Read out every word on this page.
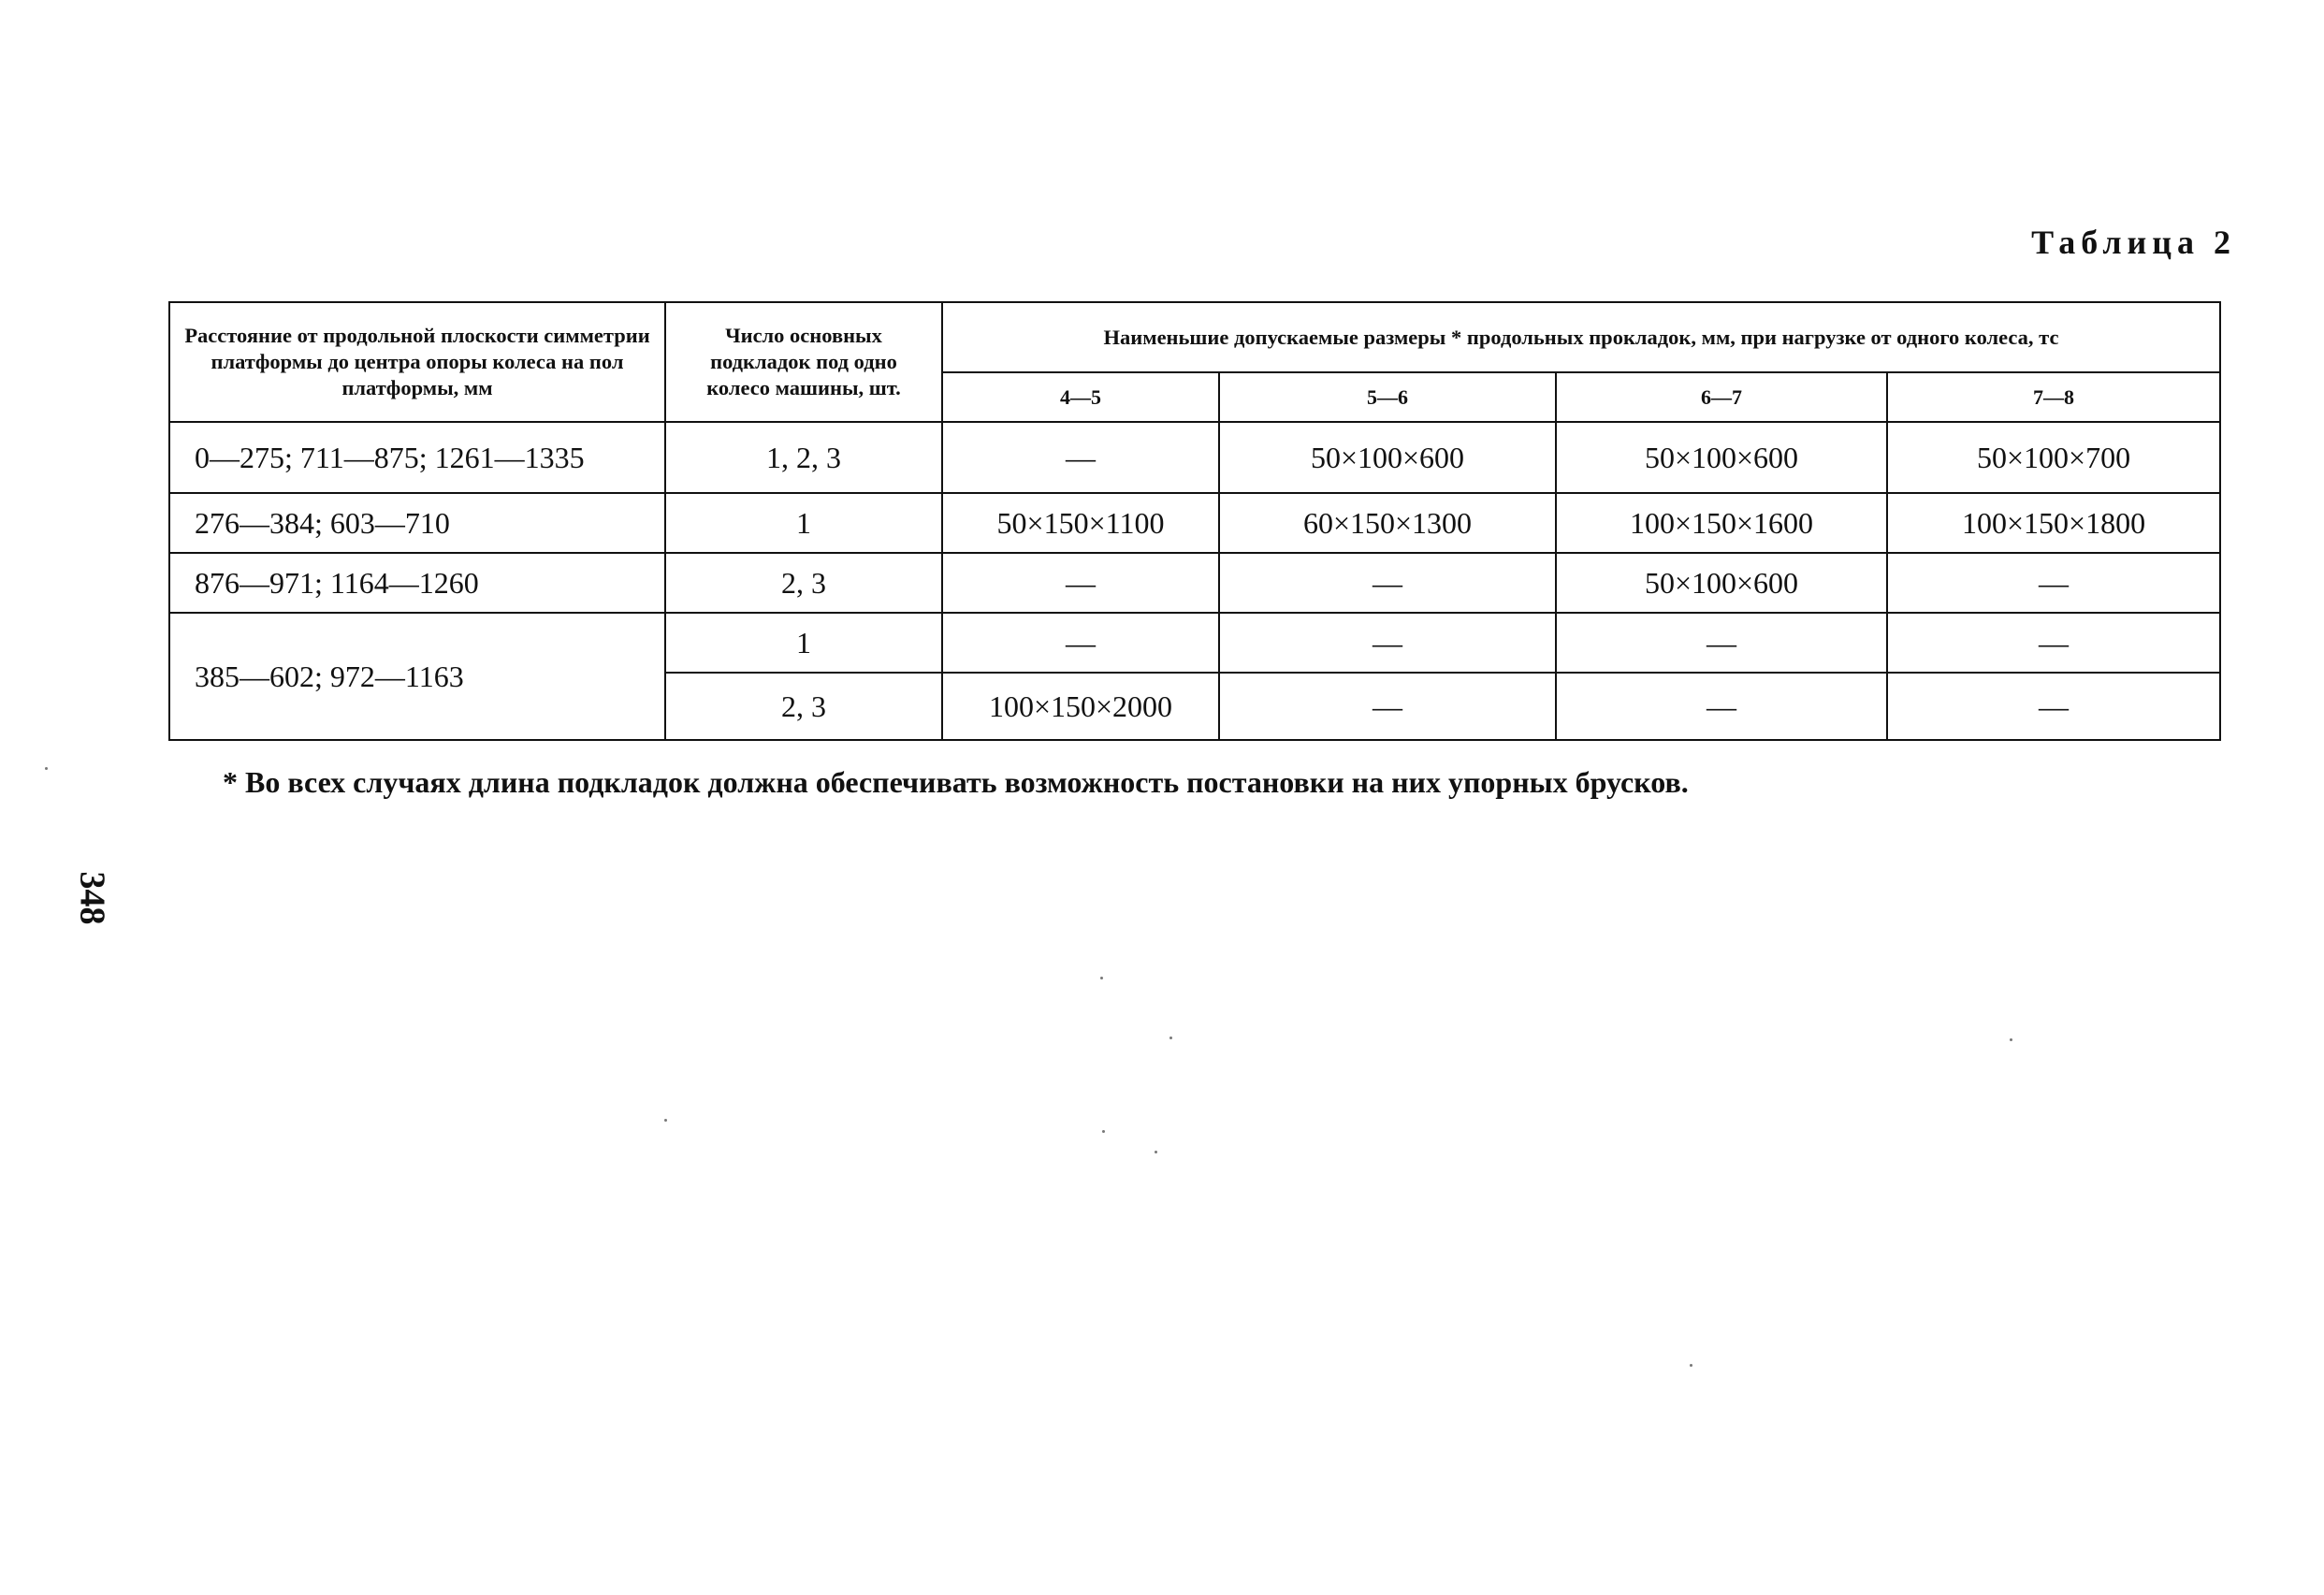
Таблица 2
Расстояние от продольной плоскости симметрии платформы до центра опоры колеса на пол платформы, мм	Число основных подкладок под одно колесо машины, шт.	Наименьшие допускаемые размеры * продольных прокладок, мм, при нагрузке от одного колеса, тс			
		4—5	5—6	6—7	7—8
0—275; 711—875; 1261—1335	1, 2, 3	—	50×100×600	50×100×600	50×100×700
276—384; 603—710	1	50×150×1100	60×150×1300	100×150×1600	100×150×1800
876—971; 1164—1260	2, 3	—	—	50×100×600	—
385—602; 972—1163	1	—	—	—	—
	2, 3	100×150×2000	—	—	—
* Во всех случаях длина подкладок должна обеспечивать возможность постановки на них упорных брусков.
348
